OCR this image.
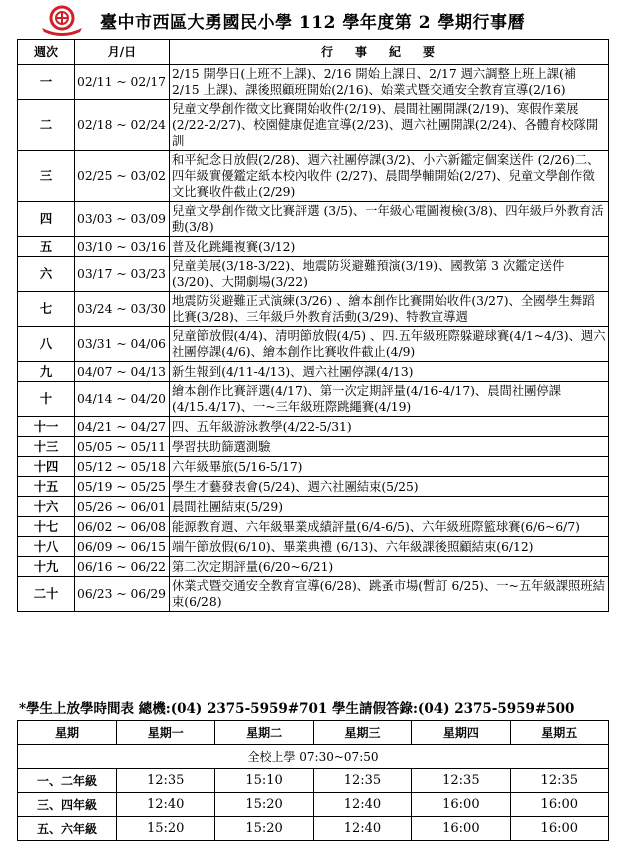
臺中市西區大勇國民小學 112 學年度第 2 學期行事曆
週次	月/日	行事紀要
一	02/11 ~ 02/17	2/15 開學日(上班不上課)、2/16 開始上課日、2/17 週六調整上班上課(補 2/15 上課)、課後照顧班開始(2/16)、始業式暨交通安全教育宣導(2/16)
二	02/18 ~ 02/24	兒童文學創作徵文比賽開始收件(2/19)、晨間社團開課(2/19)、寒假作業展(2/22-2/27)、校園健康促進宣導(2/23)、週六社團開課(2/24)、各體育校隊開訓
三	02/25 ~ 03/02	和平紀念日放假(2/28)、週六社團停課(3/2)、小六新鑑定個案送件 (2/26)二、四年級實優鑑定紙本校內收件 (2/27)、晨間學輔開始(2/27)、兒童文學創作徵文比賽收件截止(2/29)
四	03/03 ~ 03/09	兒童文學創作徵文比賽評選 (3/5)、一年級心電圖複檢(3/8)、四年級戶外教育活動(3/8)
五	03/10 ~ 03/16	普及化跳繩複賽(3/12)
六	03/17 ~ 03/23	兒童美展(3/18-3/22)、地震防災避難預演(3/19)、國教第 3 次鑑定送件 (3/20)、大開劇場(3/22)
七	03/24 ~ 03/30	地震防災避難正式演練(3/26) 、繪本創作比賽開始收件(3/27)、全國學生舞蹈比賽(3/28)、三年級戶外教育活動(3/29)、特教宣導週
八	03/31 ~ 04/06	兒童節放假(4/4)、清明節放假(4/5) 、四.五年級班際躲避球賽(4/1~4/3)、週六社團停課(4/6)、繪本創作比賽收件截止(4/9)
九	04/07 ~ 04/13	新生報到(4/11-4/13)、週六社團停課(4/13)
十	04/14 ~ 04/20	繪本創作比賽評選(4/17)、第一次定期評量(4/16-4/17)、晨間社團停課(4/15.4/17)、一~三年級班際跳繩賽(4/19)
十一	04/21 ~ 04/27	四、五年級游泳教學(4/22-5/31)
十三	05/05 ~ 05/11	學習扶助篩選測驗
十四	05/12 ~ 05/18	六年級畢旅(5/16-5/17)
十五	05/19 ~ 05/25	學生才藝發表會(5/24)、週六社團結束(5/25)
十六	05/26 ~ 06/01	晨間社團結束(5/29)
十七	06/02 ~ 06/08	能源教育週、六年級畢業成績評量(6/4-6/5)、六年級班際籃球賽(6/6~6/7)
十八	06/09 ~ 06/15	端午節放假(6/10)、畢業典禮 (6/13)、六年級課後照顧結束(6/12)
十九	06/16 ~ 06/22	第二次定期評量(6/20~6/21)
二十	06/23 ~ 06/29	休業式暨交通安全教育宣導(6/28)、跳蚤市場(暫訂 6/25)、一~五年級課照班結束(6/28)
*學生上放學時間表 總機:(04) 2375-5959#701 學生請假答錄:(04) 2375-5959#500
星期	星期一	星期二	星期三	星期四	星期五
全校上學 07:30~07:50					
一、二年級	12:35	15:10	12:35	12:35	12:35
三、四年級	12:40	15:20	12:40	16:00	16:00
五、六年級	15:20	15:20	12:40	16:00	16:00
